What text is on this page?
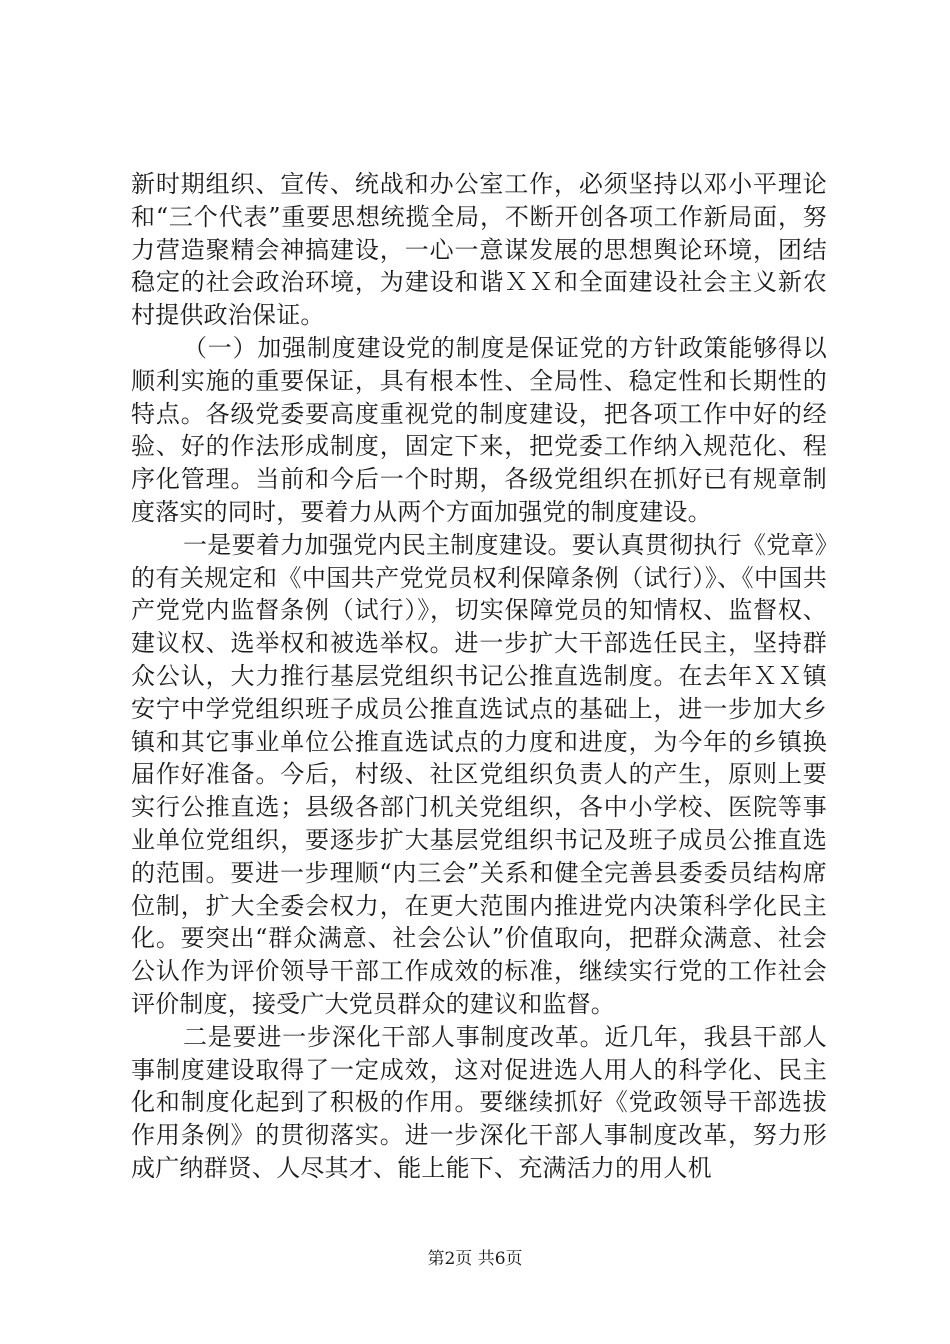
新时期组织、宣传、统战和办公室工作，必须坚持以邓小平理论和“三个代表”重要思想统揽全局，不断开创各项工作新局面，努力营造聚精会神搞建设，一心一意谋发展的思想舆论环境，团结稳定的社会政治环境，为建设和谐ＸＸ和全面建设社会主义新农村提供政治保证。

（一）加强制度建设党的制度是保证党的方针政策能够得以顺利实施的重要保证，具有根本性、全局性、稳定性和长期性的特点。各级党委要高度重视党的制度建设，把各项工作中好的经验、好的作法形成制度，固定下来，把党委工作纳入规范化、程序化管理。当前和今后一个时期，各级党组织在抓好已有规章制度落实的同时，要着力从两个方面加强党的制度建设。

一是要着力加强党内民主制度建设。要认真贯彻执行《党章》的有关规定和《中国共产党党员权利保障条例（试行）》、《中国共产党党内监督条例（试行）》，切实保障党员的知情权、监督权、建议权、选举权和被选举权。进一步扩大干部选任民主，坚持群众公认，大力推行基层党组织书记公推直选制度。在去年ＸＸ镇安宁中学党组织班子成员公推直选试点的基础上，进一步加大乡镇和其它事业单位公推直选试点的力度和进度，为今年的乡镇换届作好准备。今后，村级、社区党组织负责人的产生，原则上要实行公推直选；县级各部门机关党组织，各中小学校、医院等事业单位党组织，要逐步扩大基层党组织书记及班子成员公推直选的范围。要进一步理顺“内三会”关系和健全完善县委委员结构席位制，扩大全委会权力，在更大范围内推进党内决策科学化民主化。要突出“群众满意、社会公认”价值取向，把群众满意、社会公认作为评价领导干部工作成效的标准，继续实行党的工作社会评价制度，接受广大党员群众的建议和监督。

二是要进一步深化干部人事制度改革。近几年，我县干部人事制度建设取得了一定成效，这对促进选人用人的科学化、民主化和制度化起到了积极的作用。要继续抓好《党政领导干部选拔作用条例》的贯彻落实。进一步深化干部人事制度改革，努力形成广纳群贤、人尽其才、能上能下、充满活力的用人机

第2页 共6页
